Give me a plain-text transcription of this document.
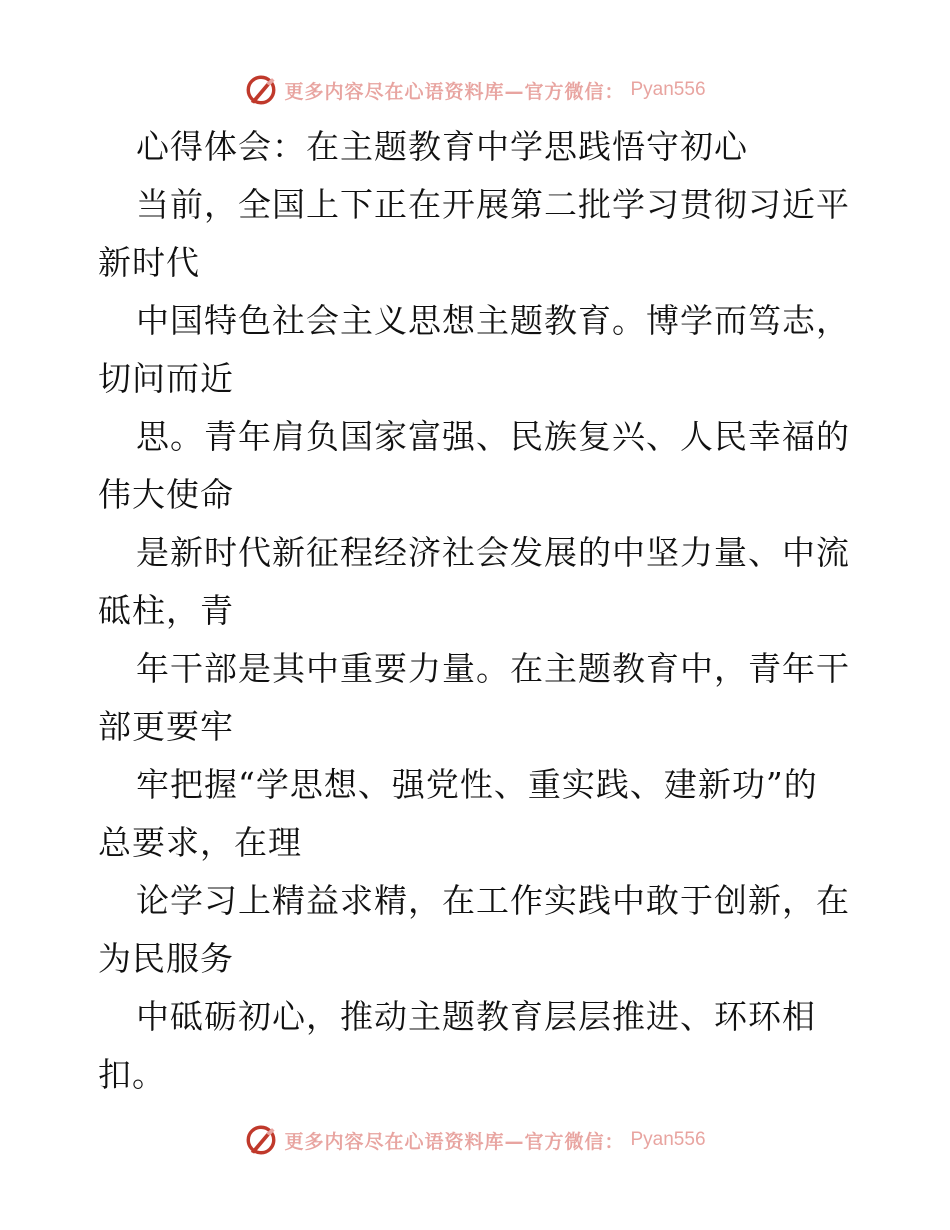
更多内容尽在心语资料库—官方微信： Pyan556
心得体会：在主题教育中学思践悟守初心
当前，全国上下正在开展第二批学习贯彻习近平
新时代
中国特色社会主义思想主题教育。博学而笃志，
切问而近
思。青年肩负国家富强、民族复兴、人民幸福的
伟大使命
是新时代新征程经济社会发展的中坚力量、中流
砥柱，青
年干部是其中重要力量。在主题教育中，青年干
部更要牢
牢把握“学思想、强党性、重实践、建新功”的
总要求，在理
论学习上精益求精，在工作实践中敢于创新，在
为民服务
中砥砺初心，推动主题教育层层推进、环环相
扣。
更多内容尽在心语资料库—官方微信： Pyan556
